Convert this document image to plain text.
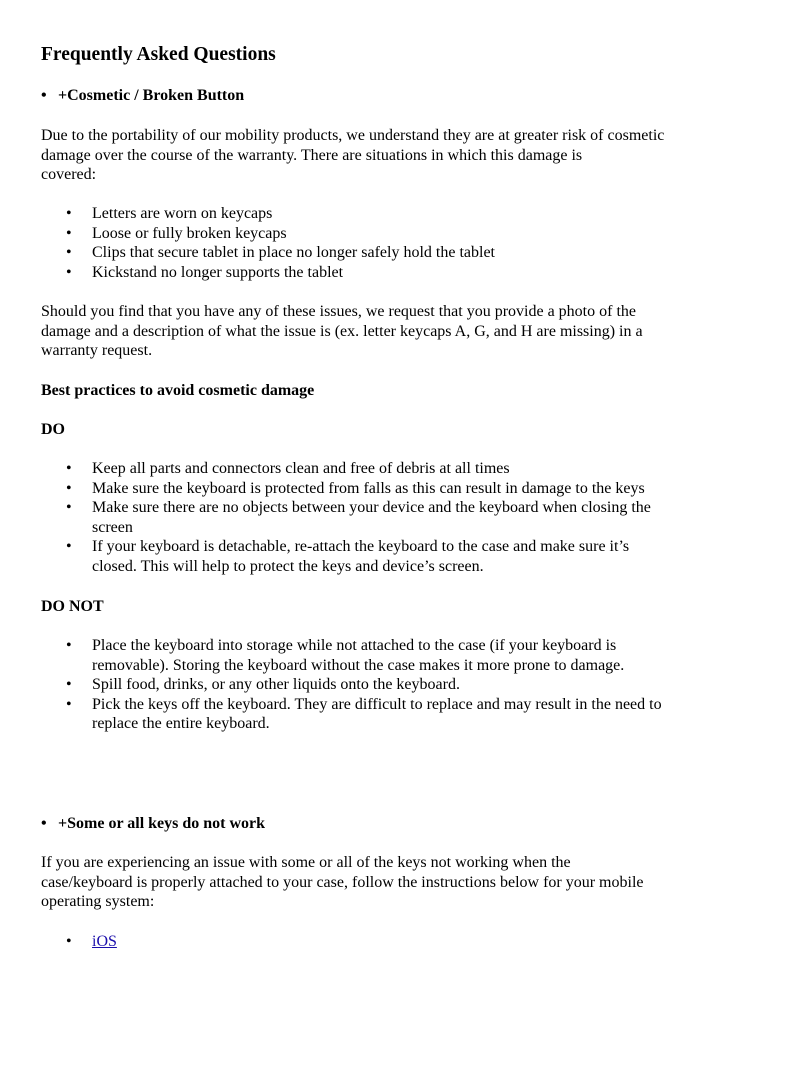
Frequently Asked Questions
• +Cosmetic / Broken Button
Due to the portability of our mobility products, we understand they are at greater risk of cosmetic
damage over the course of the warranty. There are situations in which this damage is
covered:
• Letters are worn on keycaps
• Loose or fully broken keycaps
• Clips that secure tablet in place no longer safely hold the tablet
• Kickstand no longer supports the tablet
Should you find that you have any of these issues, we request that you provide a photo of the
damage and a description of what the issue is (ex. letter keycaps A, G, and H are missing) in a
warranty request.
Best practices to avoid cosmetic damage
DO
• Keep all parts and connectors clean and free of debris at all times
• Make sure the keyboard is protected from falls as this can result in damage to the keys
• Make sure there are no objects between your device and the keyboard when closing the
screen
• If your keyboard is detachable, re-attach the keyboard to the case and make sure it’s
closed. This will help to protect the keys and device’s screen.
DO NOT
• Place the keyboard into storage while not attached to the case (if your keyboard is
removable). Storing the keyboard without the case makes it more prone to damage.
• Spill food, drinks, or any other liquids onto the keyboard.
• Pick the keys off the keyboard. They are difficult to replace and may result in the need to
replace the entire keyboard.
• +Some or all keys do not work
If you are experiencing an issue with some or all of the keys not working when the
case/keyboard is properly attached to your case, follow the instructions below for your mobile
operating system:
• iOS
